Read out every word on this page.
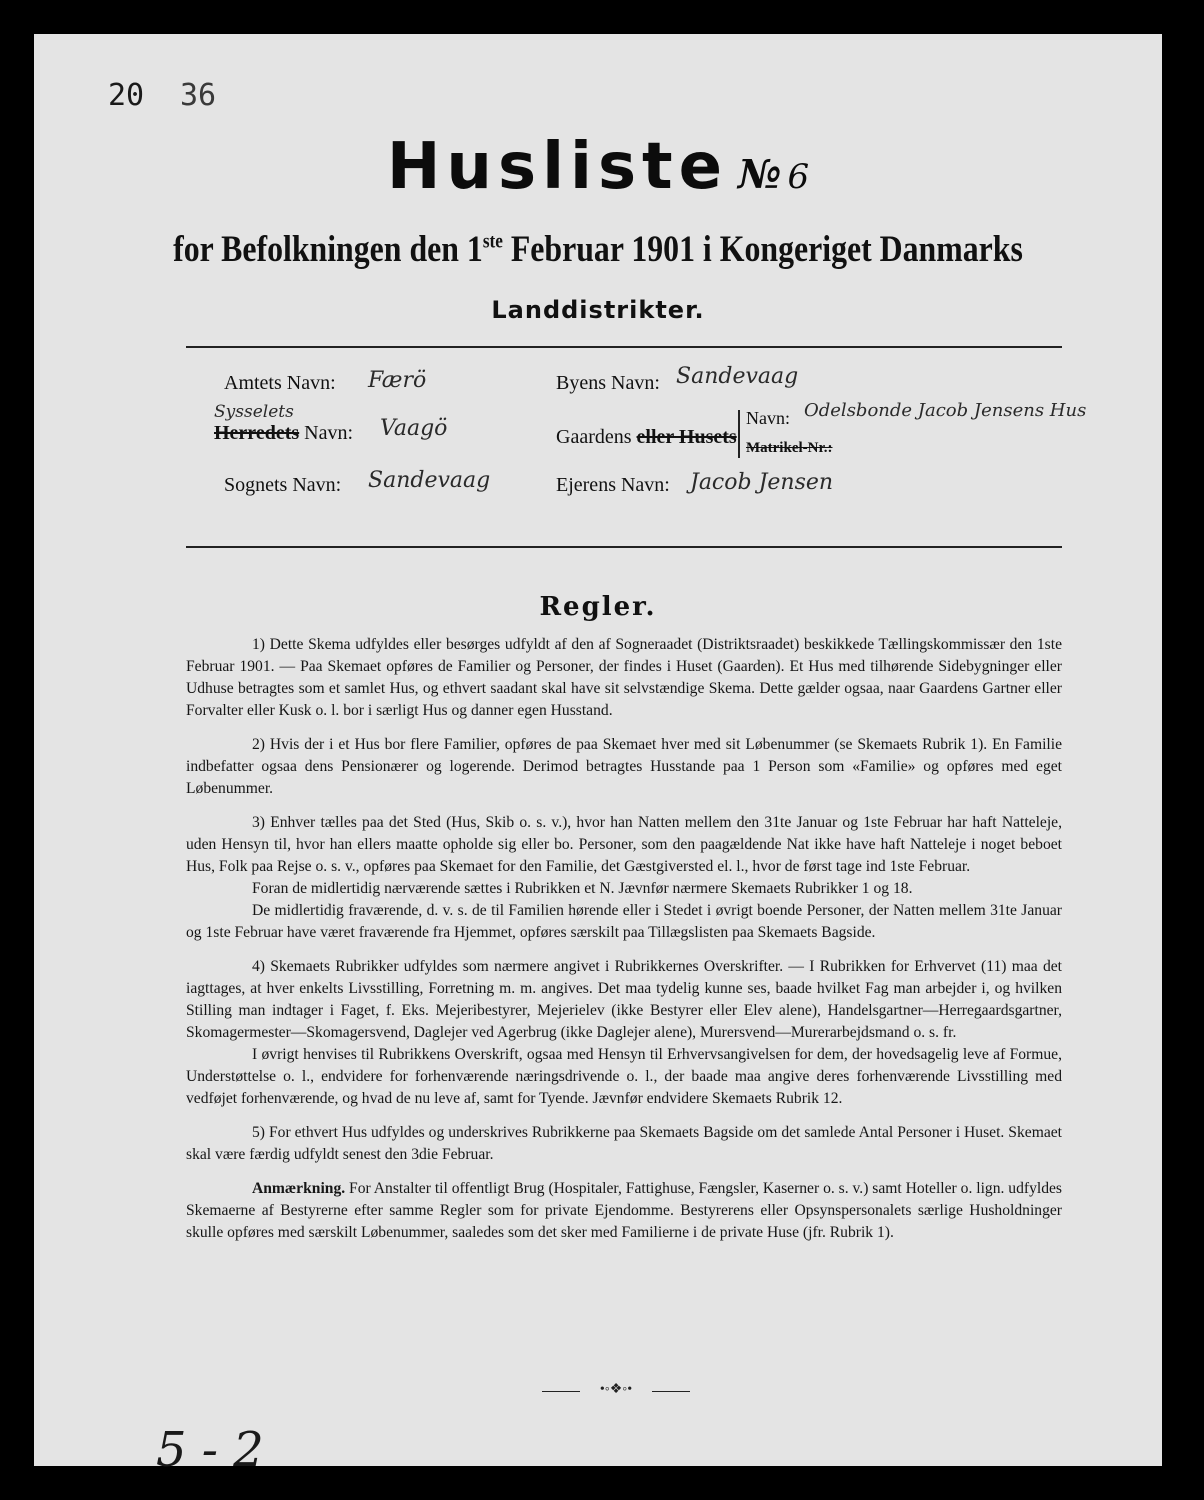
20 36
Husliste № 6
for Befolkningen den 1ste Februar 1901 i Kongeriget Danmarks
Landdistrikter.
Amtets Navn: Færö
Sysselets
Herredets Navn: Vaagö
Sognets Navn: Sandevaag
Byens Navn: Sandevaag
Gaardens eller Husets
Navn: Odelsbonde Jacob Jensens Hus
Matrikel-Nr.:
Ejerens Navn: Jacob Jensen
Regler.

1) Dette Skema udfyldes eller besørges udfyldt af den af Sogneraadet (Distriktsraadet) beskikkede Tællingskommissær den 1ste Februar 1901. — Paa Skemaet opføres de Familier og Personer, der findes i Huset (Gaarden). Et Hus med tilhørende Sidebygninger eller Udhuse betragtes som et samlet Hus, og ethvert saadant skal have sit selvstændige Skema. Dette gælder ogsaa, naar Gaardens Gartner eller Forvalter eller Kusk o. l. bor i særligt Hus og danner egen Husstand.

2) Hvis der i et Hus bor flere Familier, opføres de paa Skemaet hver med sit Løbenummer (se Skemaets Rubrik 1). En Familie indbefatter ogsaa dens Pensionærer og logerende. Derimod betragtes Husstande paa 1 Person som «Familie» og opføres med eget Løbenummer.

3) Enhver tælles paa det Sted (Hus, Skib o. s. v.), hvor han Natten mellem den 31te Januar og 1ste Februar har haft Natteleje, uden Hensyn til, hvor han ellers maatte opholde sig eller bo. Personer, som den paagældende Nat ikke have haft Natteleje i noget beboet Hus, Folk paa Rejse o. s. v., opføres paa Skemaet for den Familie, det Gæstgiversted el. l., hvor de først tage ind 1ste Februar.

Foran de midlertidig nærværende sættes i Rubrikken et N. Jævnfør nærmere Skemaets Rubrikker 1 og 18.

De midlertidig fraværende, d. v. s. de til Familien hørende eller i Stedet i øvrigt boende Personer, der Natten mellem 31te Januar og 1ste Februar have været fraværende fra Hjemmet, opføres særskilt paa Tillægslisten paa Skemaets Bagside.

4) Skemaets Rubrikker udfyldes som nærmere angivet i Rubrikkernes Overskrifter. — I Rubrikken for Erhvervet (11) maa det iagttages, at hver enkelts Livsstilling, Forretning m. m. angives. Det maa tydelig kunne ses, baade hvilket Fag man arbejder i, og hvilken Stilling man indtager i Faget, f. Eks. Mejeribestyrer, Mejerielev (ikke Bestyrer eller Elev alene), Handelsgartner—Herregaardsgartner, Skomagermester—Skomagersvend, Daglejer ved Agerbrug (ikke Daglejer alene), Murersvend—Murerarbejdsmand o. s. fr.

I øvrigt henvises til Rubrikkens Overskrift, ogsaa med Hensyn til Erhvervsangivelsen for dem, der hovedsagelig leve af Formue, Understøttelse o. l., endvidere for forhenværende næringsdrivende o. l., der baade maa angive deres forhenværende Livsstilling med vedføjet forhenværende, og hvad de nu leve af, samt for Tyende. Jævnfør endvidere Skemaets Rubrik 12.

5) For ethvert Hus udfyldes og underskrives Rubrikkerne paa Skemaets Bagside om det samlede Antal Personer i Huset. Skemaet skal være færdig udfyldt senest den 3die Februar.

Anmærkning. For Anstalter til offentligt Brug (Hospitaler, Fattighuse, Fængsler, Kaserner o. s. v.) samt Hoteller o. lign. udfyldes Skemaerne af Bestyrerne efter samme Regler som for private Ejendomme. Bestyrerens eller Opsynspersonalets særlige Husholdninger skulle opføres med særskilt Løbenummer, saaledes som det sker med Familierne i de private Huse (jfr. Rubrik 1).

•◦❖◦•
5 - 2
